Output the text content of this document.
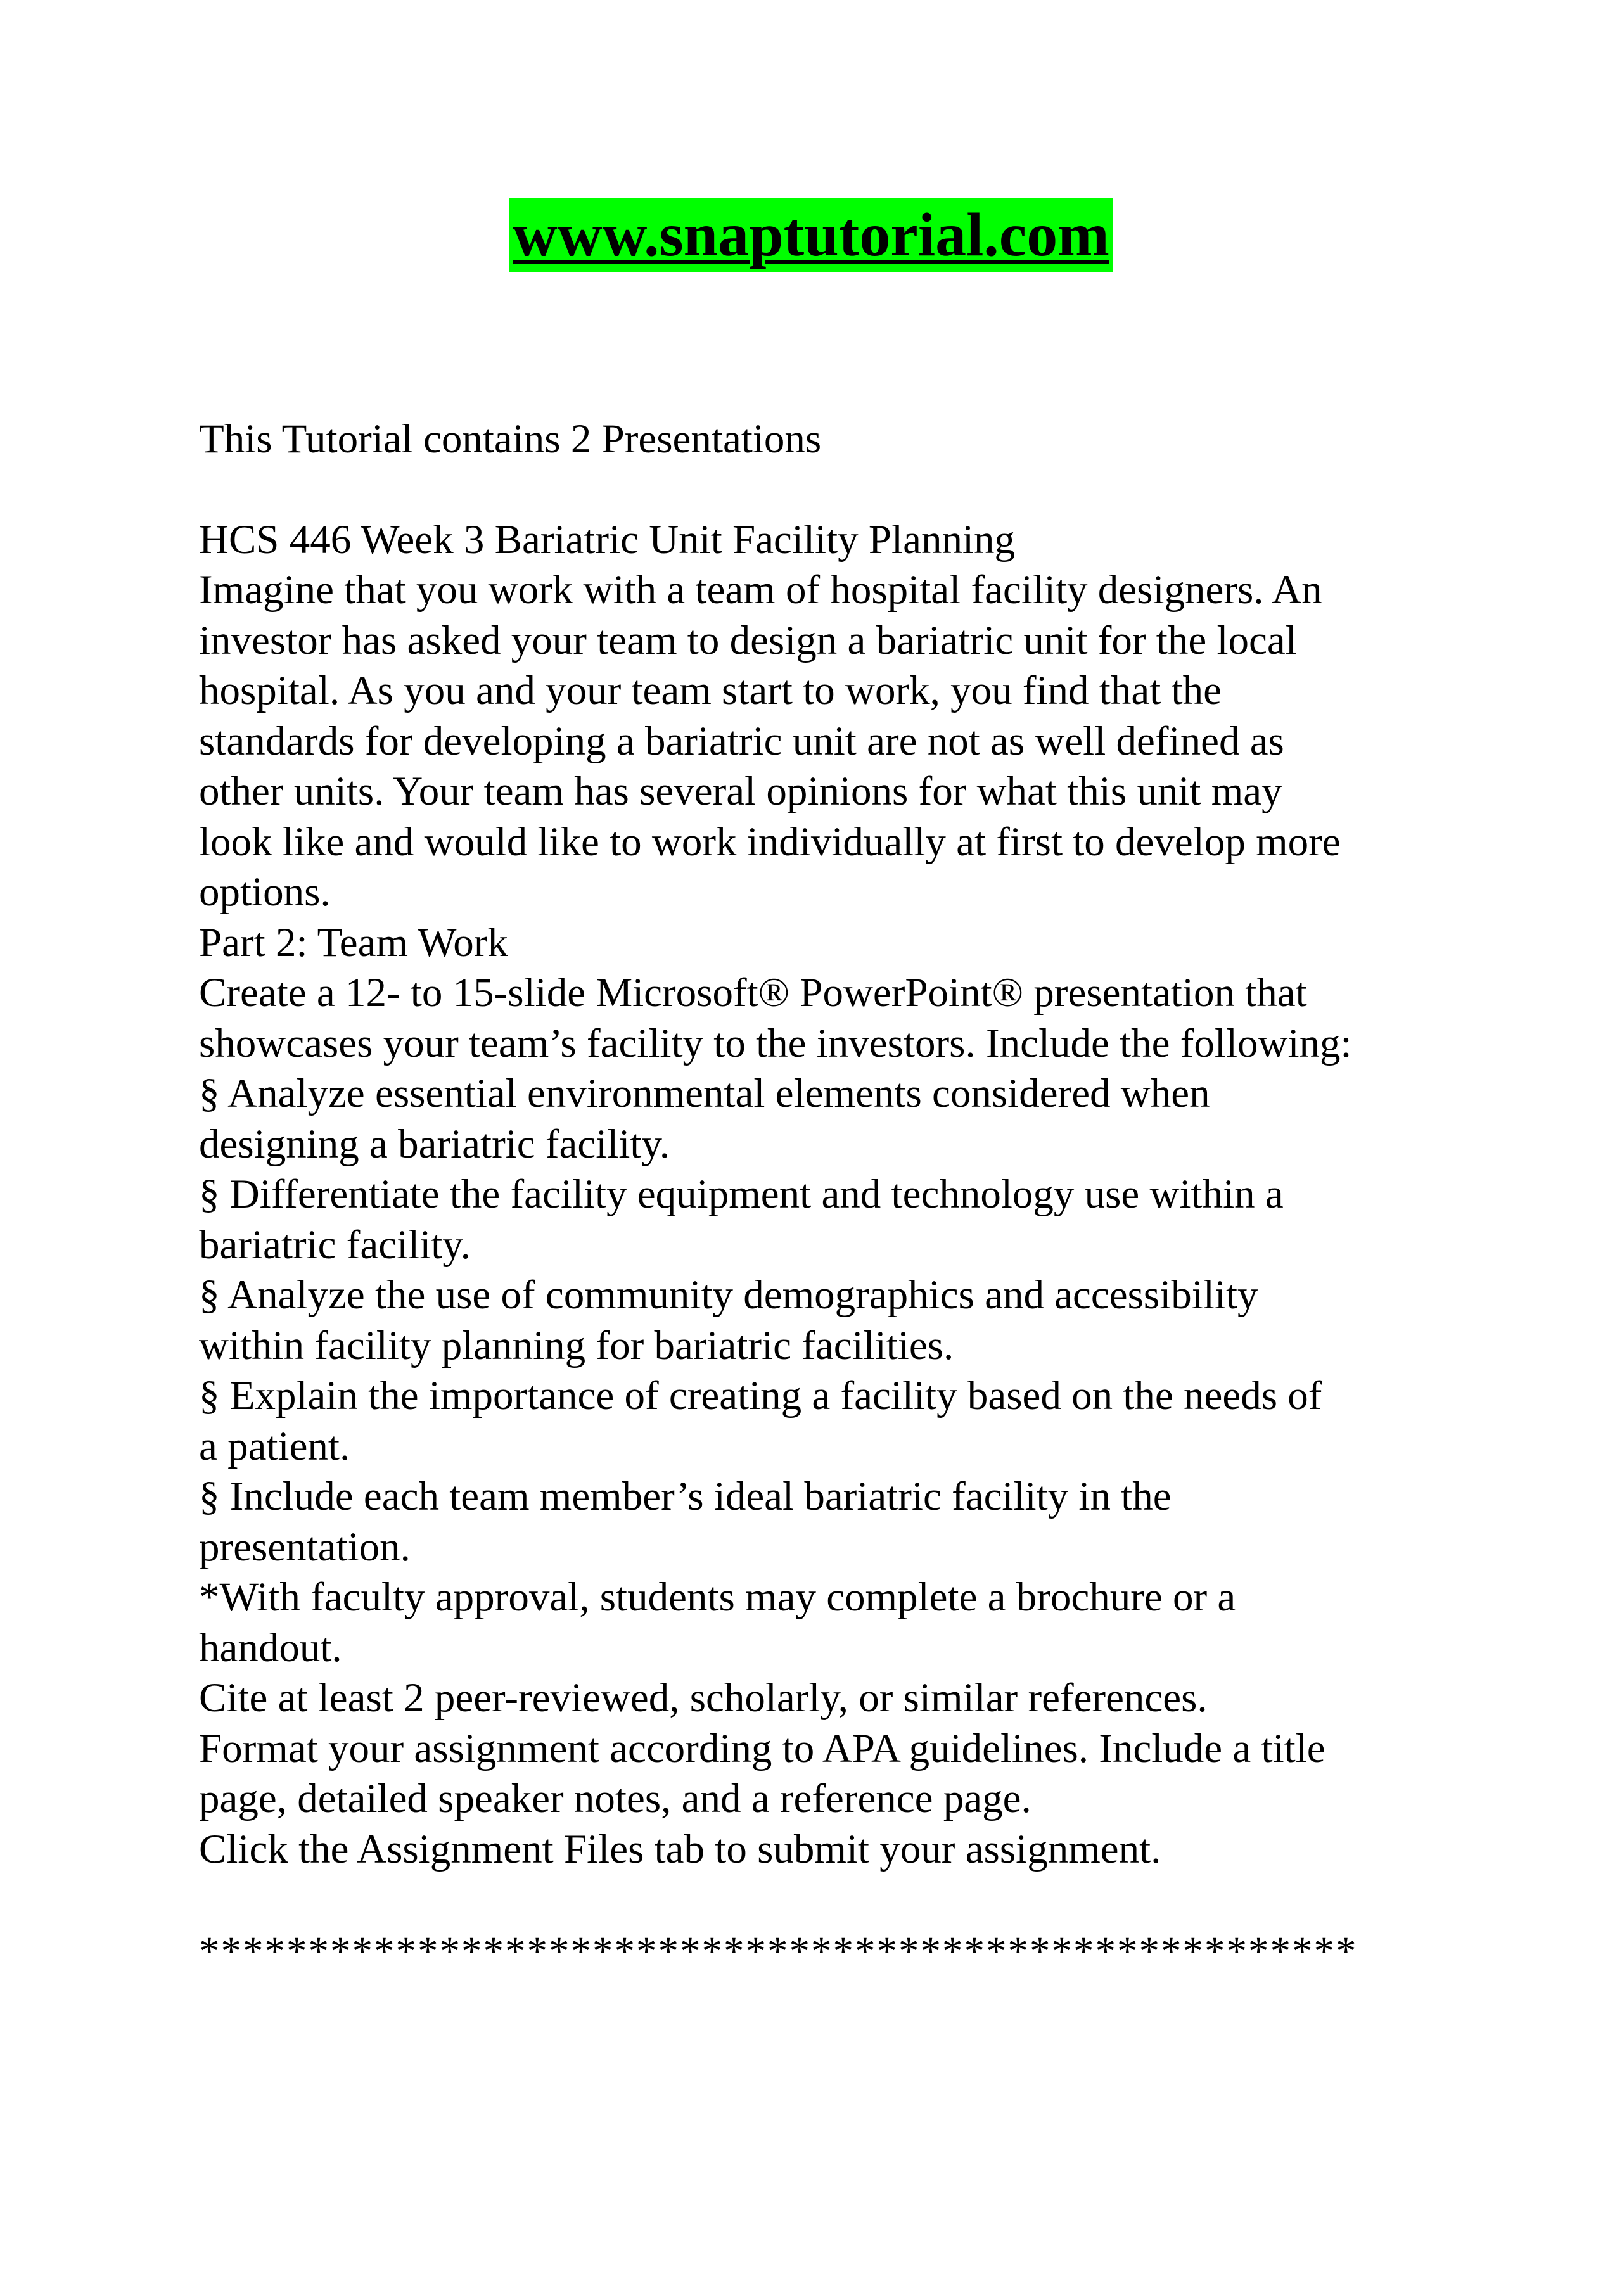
www.snaptutorial.com
This Tutorial contains 2 Presentations
HCS 446 Week 3 Bariatric Unit Facility Planning
Imagine that you work with a team of hospital facility designers. An
investor has asked your team to design a bariatric unit for the local
hospital. As you and your team start to work, you find that the
standards for developing a bariatric unit are not as well defined as
other units. Your team has several opinions for what this unit may
look like and would like to work individually at first to develop more
options.
Part 2: Team Work
Create a 12- to 15-slide Microsoft® PowerPoint® presentation that
showcases your team’s facility to the investors. Include the following:
§ Analyze essential environmental elements considered when
designing a bariatric facility.
§ Differentiate the facility equipment and technology use within a
bariatric facility.
§ Analyze the use of community demographics and accessibility
within facility planning for bariatric facilities.
§ Explain the importance of creating a facility based on the needs of
a patient.
§ Include each team member’s ideal bariatric facility in the
presentation.
*With faculty approval, students may complete a brochure or a
handout.
Cite at least 2 peer-reviewed, scholarly, or similar references.
Format your assignment according to APA guidelines. Include a title
page, detailed speaker notes, and a reference page.
Click the Assignment Files tab to submit your assignment.
*****************************************************
